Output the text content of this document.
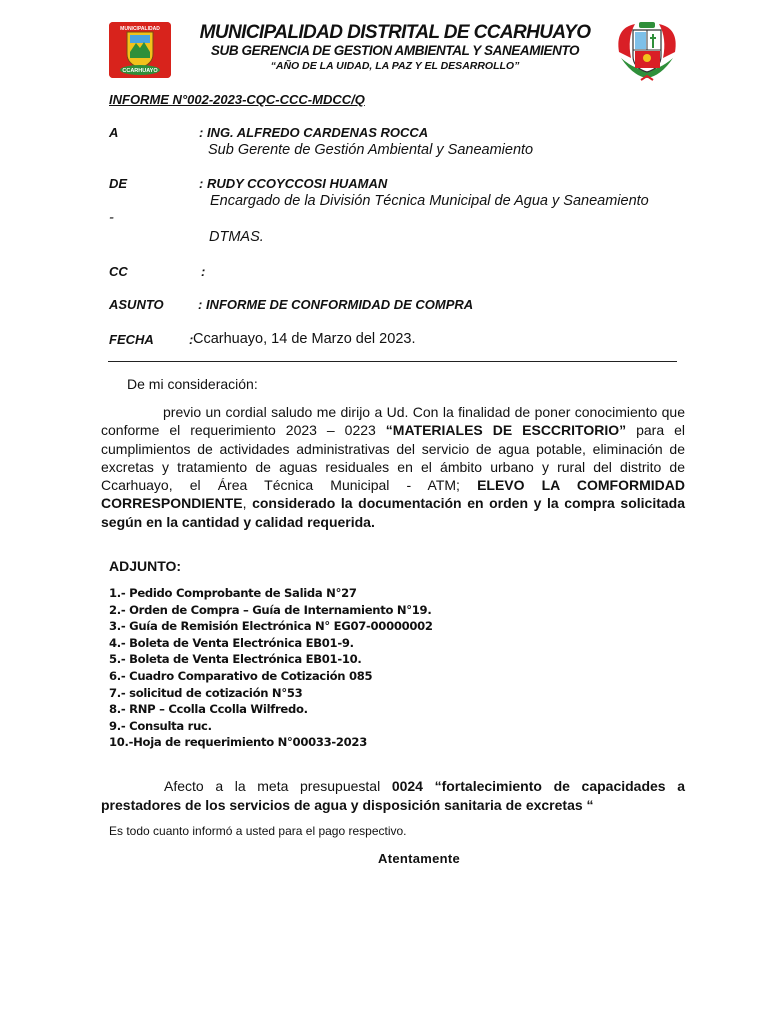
MUNICIPALIDAD
CCARHUAYO
MUNICIPALIDAD DISTRITAL DE CCARHUAYO
SUB GERENCIA DE GESTION AMBIENTAL Y SANEAMIENTO
“AÑO DE LA UIDAD, LA PAZ Y EL DESARROLLO”
INFORME N°002-2023-CQC-CCC-MDCC/Q
A	: ING. ALFREDO CARDENAS ROCCA
Sub Gerente de Gestión Ambiental y Saneamiento
DE	: RUDY CCOYCCOSI HUAMAN
Encargado de la División Técnica Municipal de Agua y Saneamiento
-
DTMAS.
CC	:
ASUNTO	: INFORME DE CONFORMIDAD DE COMPRA
FECHA	: Ccarhuayo, 14 de Marzo del 2023.
De mi consideración:
previo un cordial saludo me dirijo a Ud. Con la finalidad de poner conocimiento que conforme el requerimiento 2023 – 0223 “MATERIALES DE ESCCRITORIO” para el cumplimientos de actividades administrativas del servicio de agua potable, eliminación de excretas y tratamiento de aguas residuales en el ámbito urbano y rural del distrito de Ccarhuayo, el Área Técnica Municipal - ATM; ELEVO LA COMFORMIDAD CORRESPONDIENTE, considerado la documentación en orden y la compra solicitada según en la cantidad y calidad requerida.
ADJUNTO:
1.- Pedido Comprobante de Salida N°27
2.- Orden de Compra – Guía de Internamiento N°19.
3.- Guía de Remisión Electrónica N° EG07-00000002
4.- Boleta de Venta Electrónica EB01-9.
5.- Boleta de Venta Electrónica EB01-10.
6.- Cuadro Comparativo de Cotización 085
7.- solicitud de cotización N°53
8.- RNP – Ccolla Ccolla Wilfredo.
9.- Consulta ruc.
10.-Hoja de requerimiento N°00033-2023
Afecto a la meta presupuestal 0024 “fortalecimiento de capacidades a prestadores de los servicios de agua y disposición sanitaria de excretas “
Es todo cuanto informó a usted para el pago respectivo.
Atentamente
